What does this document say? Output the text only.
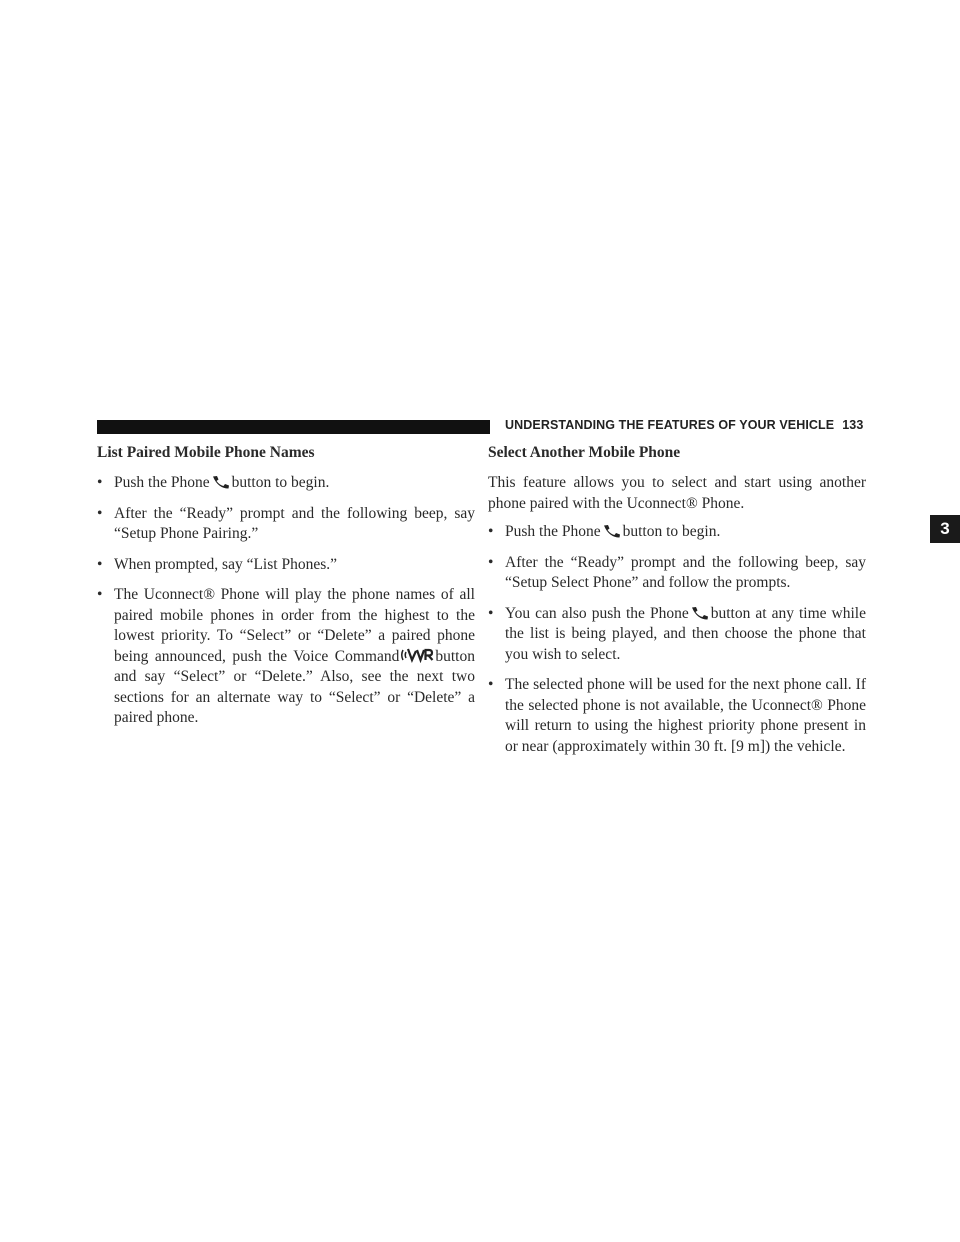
UNDERSTANDING THE FEATURES OF YOUR VEHICLE 133
3
List Paired Mobile Phone Names
• Push the Phone button to begin.
• After the “Ready” prompt and the following beep, say “Setup Phone Pairing.”
• When prompted, say “List Phones.”
• The Uconnect® Phone will play the phone names of all paired mobile phones in order from the highest to the lowest priority. To “Select” or “Delete” a paired phone being announced, push the Voice Command button and say “Select” or “Delete.” Also, see the next two sections for an alternate way to “Select” or “Delete” a paired phone.
Select Another Mobile Phone

This feature allows you to select and start using another phone paired with the Uconnect® Phone.

• Push the Phone button to begin.
• After the “Ready” prompt and the following beep, say “Setup Select Phone” and follow the prompts.
• You can also push the Phone button at any time while the list is being played, and then choose the phone that you wish to select.
• The selected phone will be used for the next phone call. If the selected phone is not available, the Uconnect® Phone will return to using the highest priority phone present in or near (approximately within 30 ft. [9 m]) the vehicle.
